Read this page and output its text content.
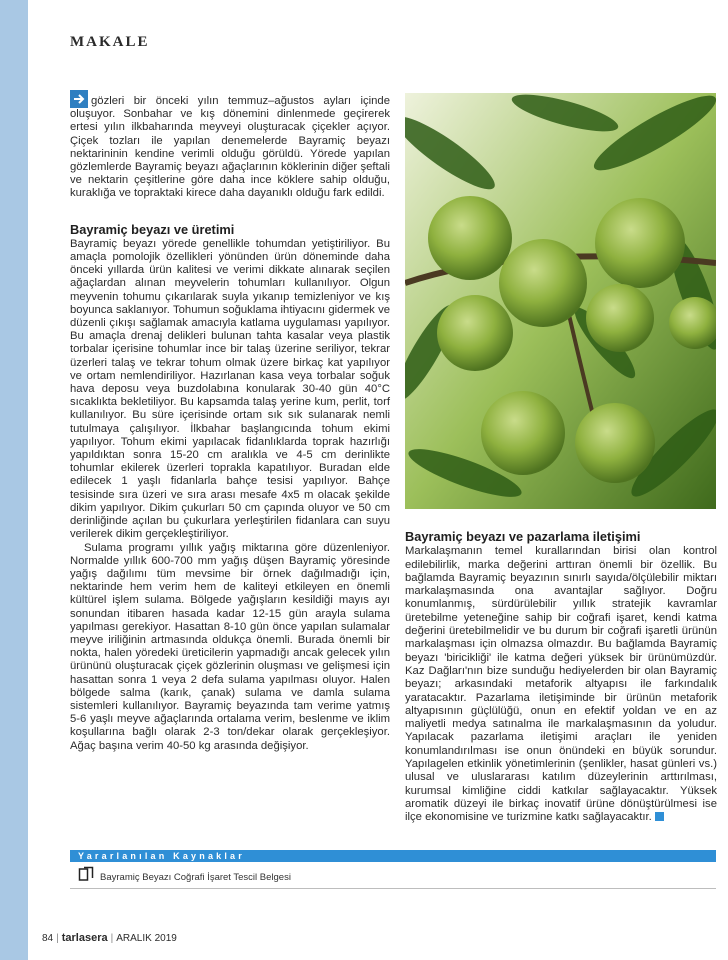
MAKALE

gözleri bir önceki yılın temmuz–ağustos ayları içinde oluşuyor. Sonbahar ve kış dönemini dinlenmede geçirerek ertesi yılın ilkbaharında meyveyi oluşturacak çiçekler açıyor. Çiçek tozları ile yapılan denemelerde Bayramiç beyazı nektarininin kendine verimli olduğu görüldü. Yörede yapılan gözlemlerde Bayramiç beyazı ağaçlarının köklerinin diğer şeftali ve nektarin çeşitlerine göre daha ince köklere sahip olduğu, kuraklığa ve topraktaki kirece daha dayanıklı olduğu fark edildi.

Bayramiç beyazı ve üretimi

Bayramiç beyazı yörede genellikle tohumdan yetiştiriliyor. Bu amaçla pomolojik özellikleri yönünden ürün döneminde daha önceki yıllarda ürün kalitesi ve verimi dikkate alınarak seçilen ağaçlardan alınan meyvelerin tohumları kullanılıyor. Olgun meyvenin tohumu çıkarılarak suyla yıkanıp temizleniyor ve kış boyunca saklanıyor. Tohumun soğuklama ihtiyacını gidermek ve düzenli çıkışı sağlamak amacıyla katlama uygulaması yapılıyor. Bu amaçla drenaj delikleri bulunan tahta kasalar veya plastik torbalar içerisine tohumlar ince bir talaş üzerine seriliyor, tekrar üzerleri talaş ve tekrar tohum olmak üzere birkaç kat yapılıyor ve ortam nemlendiriliyor. Hazırlanan kasa veya torbalar soğuk hava deposu veya buzdolabına konularak 30-40 gün 40°C sıcaklıkta bekletiliyor. Bu kapsamda talaş yerine kum, perlit, torf kullanılıyor. Bu süre içerisinde ortam sık sık sulanarak nemli tutulmaya çalışılıyor. İlkbahar başlangıcında tohum ekimi yapılıyor. Tohum ekimi yapılacak fidanlıklarda toprak hazırlığı yapıldıktan sonra 15-20 cm aralıkla ve 4-5 cm derinlikte tohumlar ekilerek üzerleri toprakla kapatılıyor. Buradan elde edilecek 1 yaşlı fidanlarla bahçe tesisi yapılıyor. Bahçe tesisinde sıra üzeri ve sıra arası mesafe 4x5 m olacak şekilde dikim yapılıyor. Dikim çukurları 50 cm çapında oluyor ve 50 cm derinliğinde açılan bu çukurlara yerleştirilen fidanlara can suyu verilerek dikim gerçekleştiriliyor.

Sulama programı yıllık yağış miktarına göre düzenleniyor. Normalde yıllık 600-700 mm yağış düşen Bayramiç yöresinde yağış dağılımı tüm mevsime bir örnek dağılmadığı için, nektarinde hem verim hem de kaliteyi etkileyen en önemli kültürel işlem sulama. Bölgede yağışların kesildiği mayıs ayı sonundan itibaren hasada kadar 12-15 gün arayla sulama yapılması gerekiyor. Hasattan 8-10 gün önce yapılan sulamalar meyve iriliğinin artmasında oldukça önemli. Burada önemli bir nokta, halen yöredeki üreticilerin yapmadığı ancak gelecek yılın ürününü oluşturacak çiçek gözlerinin oluşması ve gelişmesi için hasattan sonra 1 veya 2 defa sulama yapılması oluyor. Halen bölgede salma (karık, çanak) sulama ve damla sulama sistemleri kullanılıyor. Bayramiç beyazında tam verime yatmış 5-6 yaşlı meyve ağaçlarında ortalama verim, beslenme ve iklim koşullarına bağlı olarak 2-3 ton/dekar olarak gerçekleşiyor. Ağaç başına verim 40-50 kg arasında değişiyor.

Bayramiç beyazı ve pazarlama iletişimi

Markalaşmanın temel kurallarından birisi olan kontrol edilebilirlik, marka değerini arttıran önemli bir özellik. Bu bağlamda Bayramiç beyazının sınırlı sayıda/ölçülebilir miktarı markalaşmasında ona avantajlar sağlıyor. Doğru konumlanmış, sürdürülebilir yıllık stratejik kavramlar üretebilme yeteneğine sahip bir coğrafi işaret, kendi katma değerini üretebilmelidir ve bu durum bir coğrafi işaretli ürünün markalaşması için olmazsa olmazdır. Bu bağlamda Bayramiç beyazı 'biricikliği' ile katma değeri yüksek bir ürünümüzdür. Kaz Dağları'nın bize sunduğu hediyelerden bir olan Bayramiç beyazı; arkasındaki metaforik altyapısı ile farkındalık yaratacaktır. Pazarlama iletişiminde bir ürünün metaforik altyapısının güçlülüğü, onun en efektif yoldan ve en az maliyetli medya satınalma ile markalaşmasının da yoludur. Yapılacak pazarlama iletişimi araçları ile yeniden konumlandırılması ise onun önündeki en büyük sorundur. Yapılagelen etkinlik yönetimlerinin (şenlikler, hasat günleri vs.) ulusal ve uluslararası katılım düzeylerinin arttırılması, kurumsal kimliğine ciddi katkılar sağlayacaktır. Yüksek aromatik düzeyi ile birkaç inovatif ürüne dönüştürülmesi ise ilçe ekonomisine ve turizmine katkı sağlayacaktır.

Yararlanılan Kaynaklar
Bayramiç Beyazı Coğrafi İşaret Tescil Belgesi
84 | tarlasera | ARALIK 2019
